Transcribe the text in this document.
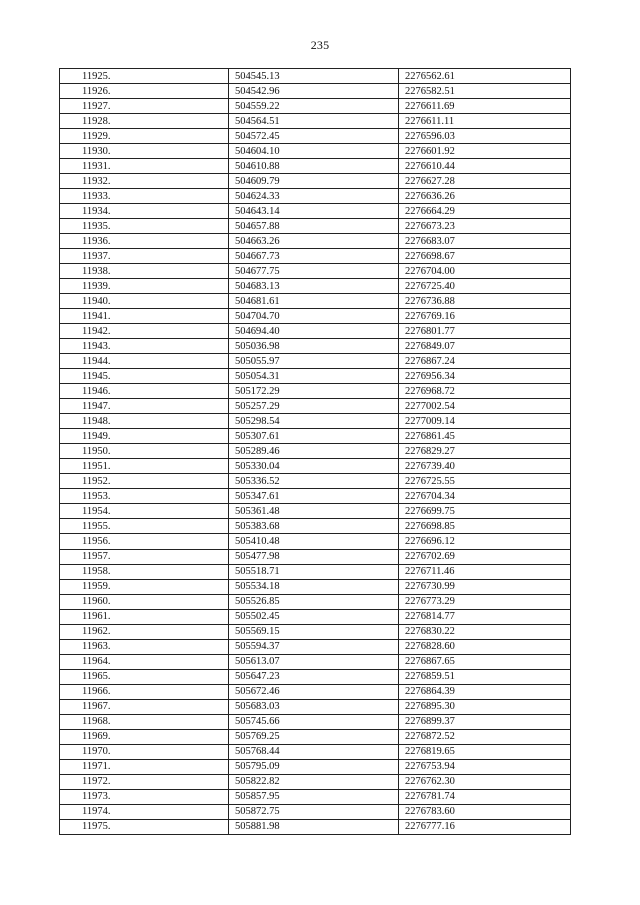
235
11925.	504545.13	2276562.61
11926.	504542.96	2276582.51
11927.	504559.22	2276611.69
11928.	504564.51	2276611.11
11929.	504572.45	2276596.03
11930.	504604.10	2276601.92
11931.	504610.88	2276610.44
11932.	504609.79	2276627.28
11933.	504624.33	2276636.26
11934.	504643.14	2276664.29
11935.	504657.88	2276673.23
11936.	504663.26	2276683.07
11937.	504667.73	2276698.67
11938.	504677.75	2276704.00
11939.	504683.13	2276725.40
11940.	504681.61	2276736.88
11941.	504704.70	2276769.16
11942.	504694.40	2276801.77
11943.	505036.98	2276849.07
11944.	505055.97	2276867.24
11945.	505054.31	2276956.34
11946.	505172.29	2276968.72
11947.	505257.29	2277002.54
11948.	505298.54	2277009.14
11949.	505307.61	2276861.45
11950.	505289.46	2276829.27
11951.	505330.04	2276739.40
11952.	505336.52	2276725.55
11953.	505347.61	2276704.34
11954.	505361.48	2276699.75
11955.	505383.68	2276698.85
11956.	505410.48	2276696.12
11957.	505477.98	2276702.69
11958.	505518.71	2276711.46
11959.	505534.18	2276730.99
11960.	505526.85	2276773.29
11961.	505502.45	2276814.77
11962.	505569.15	2276830.22
11963.	505594.37	2276828.60
11964.	505613.07	2276867.65
11965.	505647.23	2276859.51
11966.	505672.46	2276864.39
11967.	505683.03	2276895.30
11968.	505745.66	2276899.37
11969.	505769.25	2276872.52
11970.	505768.44	2276819.65
11971.	505795.09	2276753.94
11972.	505822.82	2276762.30
11973.	505857.95	2276781.74
11974.	505872.75	2276783.60
11975.	505881.98	2276777.16
